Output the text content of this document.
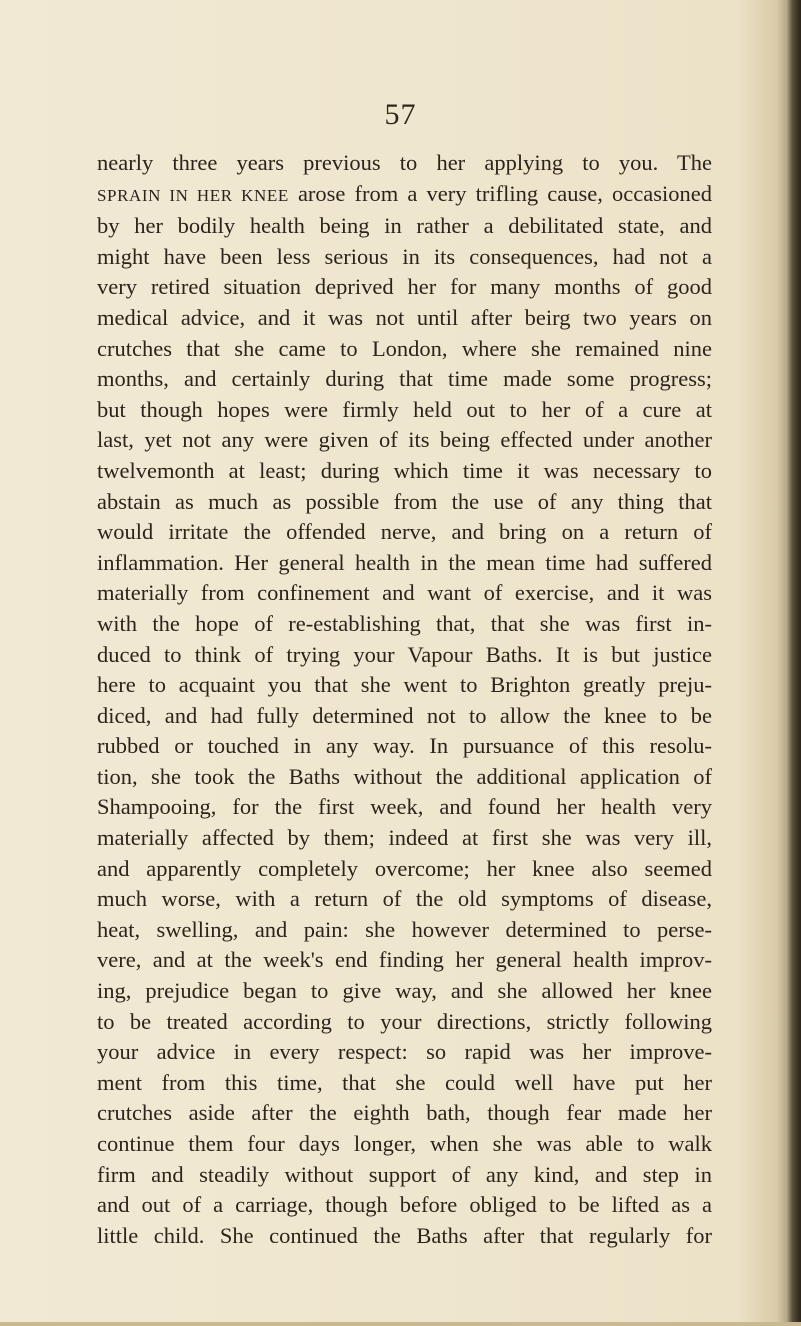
57
nearly three years previous to her applying to you. The
SPRAIN IN HER KNEE arose from a very trifling cause, occasioned
by her bodily health being in rather a debilitated state, and
might have been less serious in its consequences, had not a
very retired situation deprived her for many months of good
medical advice, and it was not until after beirg two years on
crutches that she came to London, where she remained nine
months, and certainly during that time made some progress;
but though hopes were firmly held out to her of a cure at
last, yet not any were given of its being effected under another
twelvemonth at least; during which time it was necessary to
abstain as much as possible from the use of any thing that
would irritate the offended nerve, and bring on a return of
inflammation. Her general health in the mean time had suffered
materially from confinement and want of exercise, and it was
with the hope of re-establishing that, that she was first in-
duced to think of trying your Vapour Baths. It is but justice
here to acquaint you that she went to Brighton greatly preju-
diced, and had fully determined not to allow the knee to be
rubbed or touched in any way. In pursuance of this resolu-
tion, she took the Baths without the additional application of
Shampooing, for the first week, and found her health very
materially affected by them; indeed at first she was very ill,
and apparently completely overcome; her knee also seemed
much worse, with a return of the old symptoms of disease,
heat, swelling, and pain: she however determined to perse-
vere, and at the week's end finding her general health improv-
ing, prejudice began to give way, and she allowed her knee
to be treated according to your directions, strictly following
your advice in every respect: so rapid was her improve-
ment from this time, that she could well have put her
crutches aside after the eighth bath, though fear made her
continue them four days longer, when she was able to walk
firm and steadily without support of any kind, and step in
and out of a carriage, though before obliged to be lifted as a
little child. She continued the Baths after that regularly for
